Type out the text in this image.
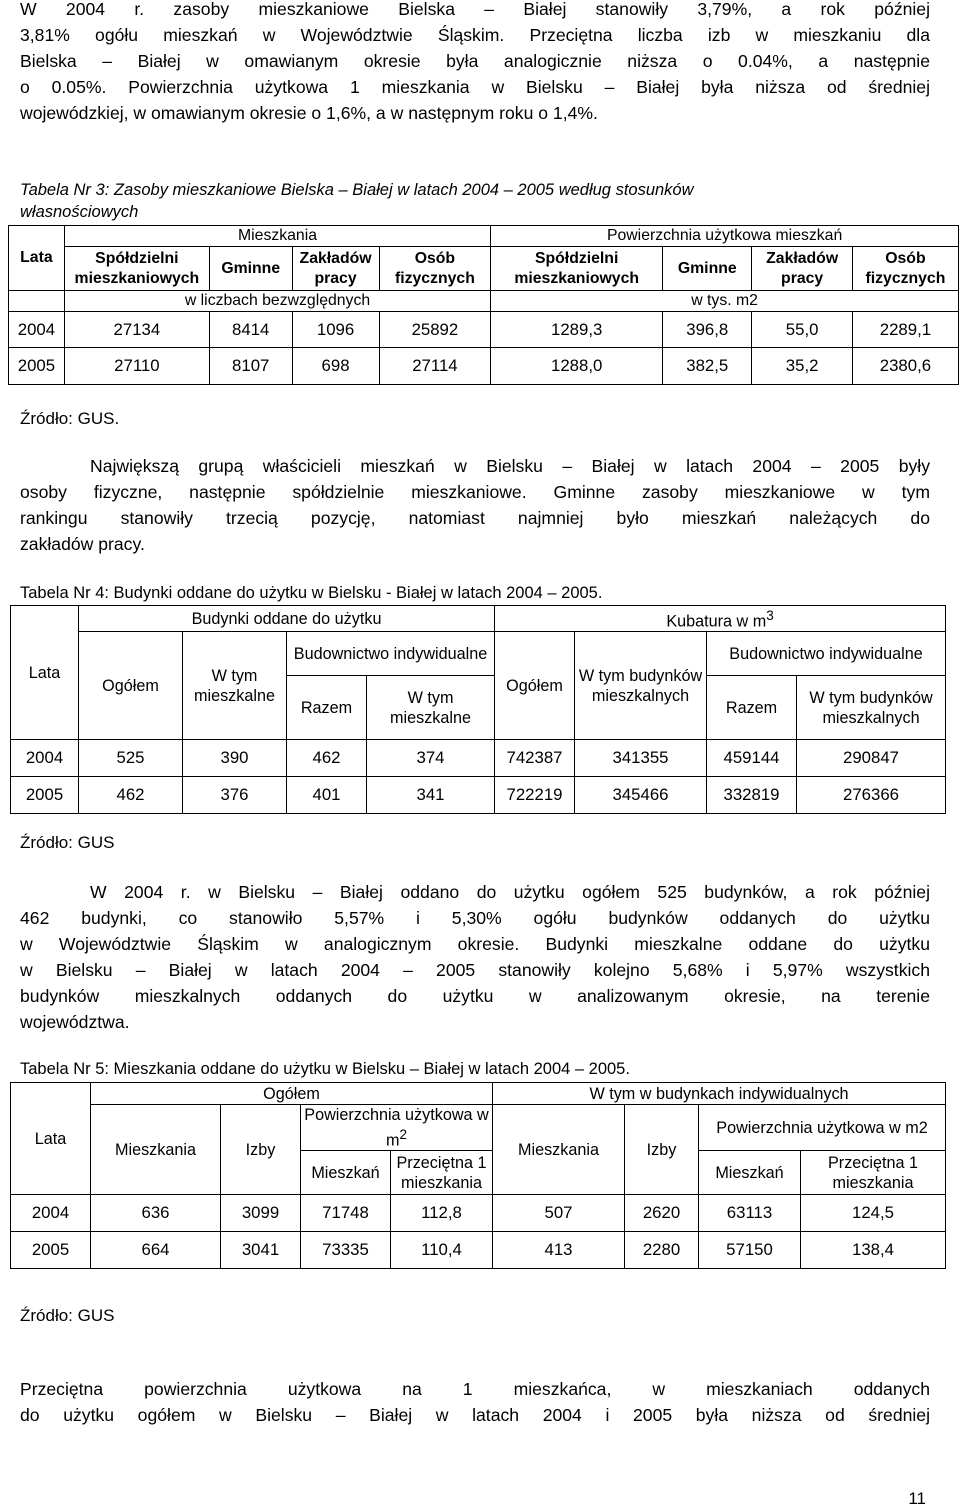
W 2004 r. zasoby mieszkaniowe Bielska – Białej stanowiły 3,79%, a rok później
3,81% ogółu mieszkań w Województwie Śląskim. Przeciętna liczba izb w mieszkaniu dla
Bielska – Białej w omawianym okresie była analogicznie niższa o 0.04%, a następnie
o 0.05%. Powierzchnia użytkowa 1 mieszkania w Bielsku – Białej była niższa od średniej
wojewódzkiej, w omawianym okresie o 1,6%, a w następnym roku o 1,4%.
Tabela Nr 3: Zasoby mieszkaniowe Bielska – Białej w latach 2004 – 2005 według stosunków
własnościowych
Lata	Mieszkania				Powierzchnia użytkowa mieszkań			
	Spółdzielni mieszkaniowych	Gminne	Zakładów pracy	Osób fizycznych	Spółdzielni mieszkaniowych	Gminne	Zakładów pracy	Osób fizycznych
	w liczbach bezwzględnych				w tys. m2			
2004	27134	8414	1096	25892	1289,3	396,8	55,0	2289,1
2005	27110	8107	698	27114	1288,0	382,5	35,2	2380,6
Źródło: GUS.
Największą grupą właścicieli mieszkań w Bielsku – Białej w latach 2004 – 2005 były
osoby fizyczne, następnie spółdzielnie mieszkaniowe. Gminne zasoby mieszkaniowe w tym
rankingu stanowiły trzecią pozycję, natomiast najmniej było mieszkań należących do
zakładów pracy.
Tabela Nr 4: Budynki oddane do użytku w Bielsku - Białej w latach 2004 – 2005.
Lata	Budynki oddane do użytku				Kubatura w $m^3$
	Ogółem	W tym mieszkalne	Budownictwo indywidualne		Ogółem	W tym budynków mieszkalnych	Budownictwo indywidualne	
			Razem	W tym mieszkalne			Razem	W tym budynków mieszkalnych
2004	525	390	462	374	742387	341355	459144	290847
2005	462	376	401	341	722219	345466	332819	276366
Źródło: GUS
W 2004 r. w Bielsku – Białej oddano do użytku ogółem 525 budynków, a rok później
462 budynki, co stanowiło 5,57% i 5,30% ogółu budynków oddanych do użytku
w Województwie Śląskim w analogicznym okresie. Budynki mieszkalne oddane do użytku
w Bielsku – Białej w latach 2004 – 2005 stanowiły kolejno 5,68% i 5,97% wszystkich
budynków mieszkalnych oddanych do użytku w analizowanym okresie, na terenie
województwa.
Tabela Nr 5: Mieszkania oddane do użytku w Bielsku – Białej w latach 2004 – 2005.
Lata	Ogółem				W tym w budynkach indywidualnych			
	Mieszkania	Izby	Powierzchnia użytkowa w $m^2$		Mieszkania	Izby	Powierzchnia użytkowa w m2	
			Mieszkań	Przeciętna 1 mieszkania			Mieszkań	Przeciętna 1 mieszkania
2004	636	3099	71748	112,8	507	2620	63113	124,5
2005	664	3041	73335	110,4	413	2280	57150	138,4
Źródło: GUS
Przeciętna powierzchnia użytkowa na 1 mieszkańca, w mieszkaniach oddanych
do użytku ogółem w Bielsku – Białej w latach 2004 i 2005 była niższa od średniej
11
